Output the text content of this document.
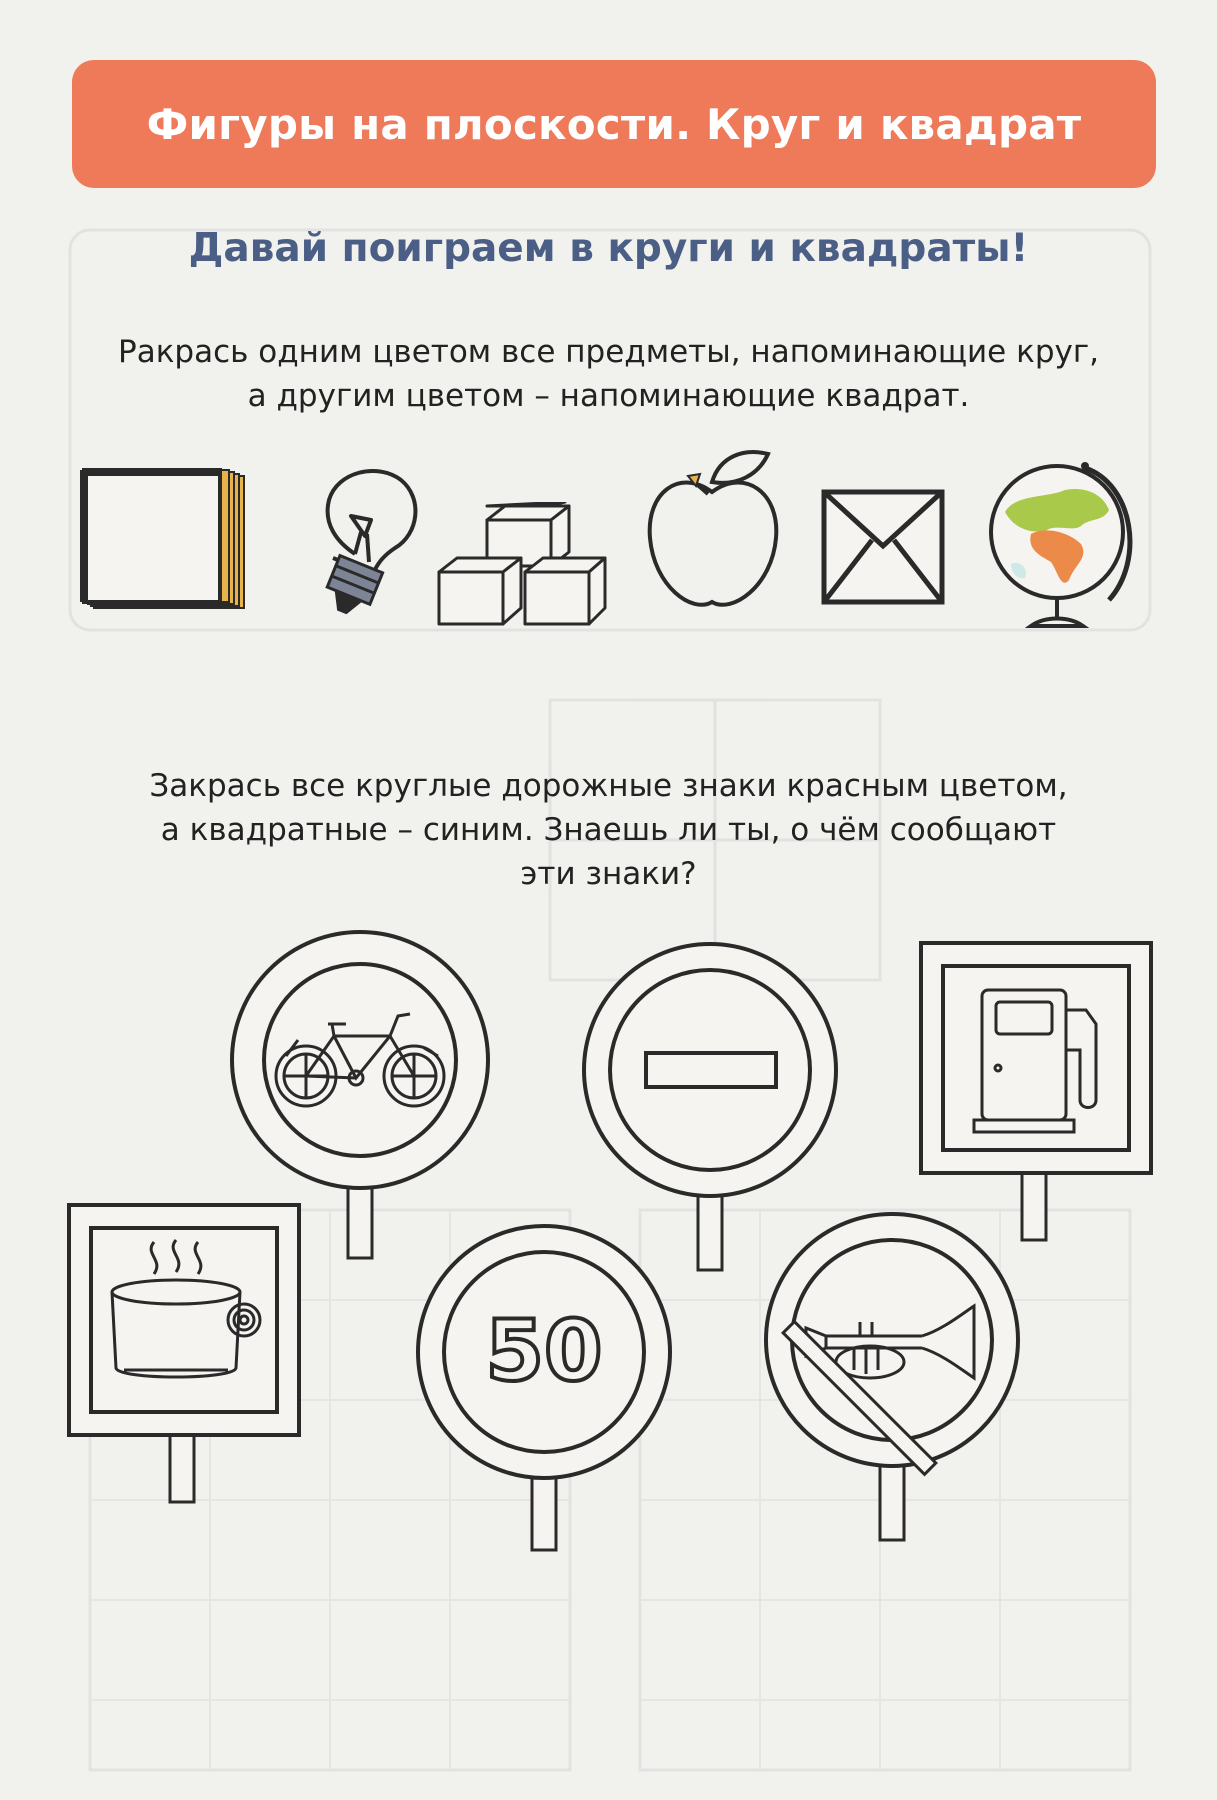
Фигуры на плоскости. Круг и квадрат
Давай поиграем в круги и квадраты!

Ракрась одним цветом все предметы, напоминающие круг,
а другим цветом – напоминающие квадрат.

Закрась все круглые дорожные знаки красным цветом,
а квадратные – синим. Знаешь ли ты, о чём сообщают
эти знаки?

50
